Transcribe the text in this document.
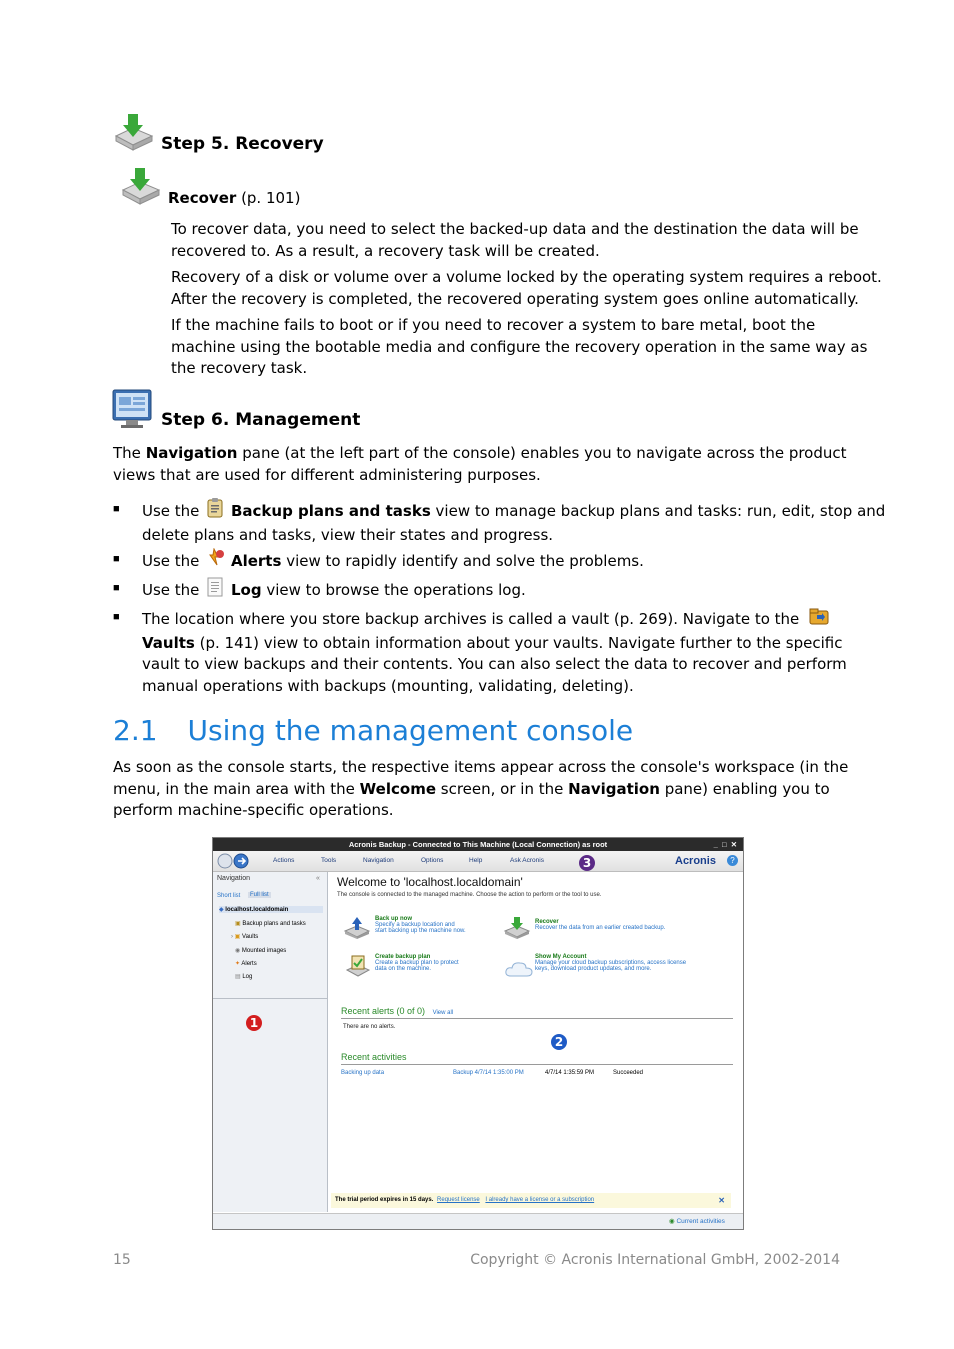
Step 5. Recovery
Recover (p. 101)
To recover data, you need to select the backed-up data and the destination the data will be
recovered to. As a result, a recovery task will be created.
Recovery of a disk or volume over a volume locked by the operating system requires a reboot.
After the recovery is completed, the recovered operating system goes online automatically.
If the machine fails to boot or if you need to recover a system to bare metal, boot the
machine using the bootable media and configure the recovery operation in the same way as
the recovery task.
Step 6. Management
The Navigation pane (at the left part of the console) enables you to navigate across the product
views that are used for different administering purposes.
■ Use the Backup plans and tasks view to manage backup plans and tasks: run, edit, stop and
delete plans and tasks, view their states and progress.
■ Use the Alerts view to rapidly identify and solve the problems.
■ Use the Log view to browse the operations log.
■ The location where you store backup archives is called a vault (p. 269). Navigate to the
Vaults (p. 141) view to obtain information about your vaults. Navigate further to the specific
vault to view backups and their contents. You can also select the data to recover and perform
manual operations with backups (mounting, validating, deleting).
2.1 Using the management console
As soon as the console starts, the respective items appear across the console's workspace (in the
menu, in the main area with the Welcome screen, or in the Navigation pane) enabling you to
perform machine-specific operations.
Acronis Backup - Connected to This Machine (Local Connection) as root	_  □  ✕
Actions	Tools	Navigation	Options	Help	Ask Acronis	Acronis	?
3
Navigation	«
Short list	Full list
◆ localhost.localdomain
▣ Backup plans and tasks
› ▣ Vaults
◉ Mounted images
✦ Alerts
▤ Log
1
Welcome to 'localhost.localdomain'
The console is connected to the managed machine. Choose the action to perform or the tool to use.
Back up now
Specify a backup location and
start backing up the machine now.
Recover
Recover the data from an earlier created backup.
Create backup plan
Create a backup plan to protect
data on the machine.
Show My Account
Manage your cloud backup subscriptions, access license
keys, download product updates, and more.
Recent alerts (0 of 0) View all
There are no alerts.
2
Recent activities
Backing up data	Backup 4/7/14 1:35:00 PM	4/7/14 1:35:59 PM	Succeeded
The trial period expires in 15 days. Request license I already have a license or a subscription	✕
◉ Current activities
15	Copyright © Acronis International GmbH, 2002-2014
